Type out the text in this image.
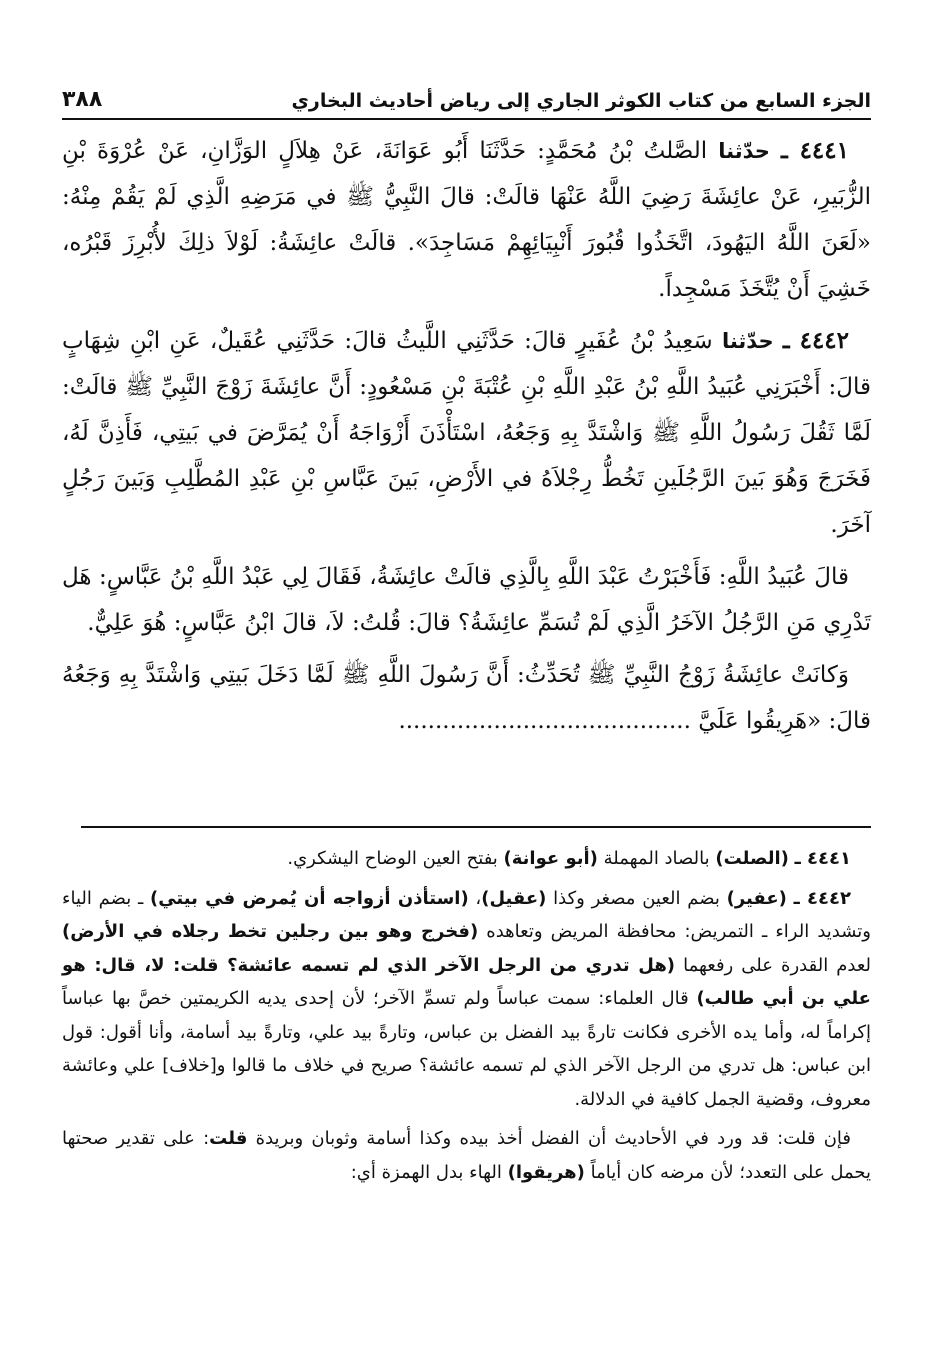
الجزء السابع من كتاب الكوثر الجاري إلى رياض أحاديث البخاري
٣٨٨

٤٤٤١ ـ حدّثنا الصَّلتُ بْنُ مُحَمَّدٍ: حَدَّثَنَا أَبُو عَوَانَةَ، عَنْ هِلاَلٍ الوَزَّانِ، عَنْ عُرْوَةَ بْنِ الزُّبَيرِ، عَنْ عائِشَةَ رَضِيَ اللَّهُ عَنْهَا قالَتْ: قالَ النَّبِيُّ ﷺ في مَرَضِهِ الَّذِي لَمْ يَقُمْ مِنْهُ: «لَعَنَ اللَّهُ اليَهُودَ، اتَّخَذُوا قُبُورَ أَنْبِيَائِهِمْ مَسَاجِدَ». قالَتْ عائِشَةُ: لَوْلاَ ذلِكَ لأُبْرِزَ قَبْرُه، خَشِيَ أَنْ يُتَّخَذَ مَسْجِداً.

٤٤٤٢ ـ حدّثنا سَعِيدُ بْنُ عُفَيرٍ قالَ: حَدَّثَنِي اللَّيثُ قالَ: حَدَّثَنِي عُقَيلٌ، عَنِ ابْنِ شِهَابٍ قالَ: أَخْبَرَنِي عُبَيدُ اللَّهِ بْنُ عَبْدِ اللَّهِ بْنِ عُتْبَةَ بْنِ مَسْعُودٍ: أَنَّ عائِشَةَ زَوْجَ النَّبِيِّ ﷺ قالَتْ: لَمَّا ثَقُلَ رَسُولُ اللَّهِ ﷺ وَاشْتَدَّ بِهِ وَجَعُهُ، اسْتَأْذَنَ أَزْوَاجَهُ أَنْ يُمَرَّضَ في بَيتِي، فَأَذِنَّ لَهُ، فَخَرَجَ وَهُوَ بَينَ الرَّجُلَينِ تَخُطُّ رِجْلاَهُ في الأَرْضِ، بَينَ عَبَّاسِ بْنِ عَبْدِ المُطَّلِبِ وَبَينَ رَجُلٍ آخَرَ.

قالَ عُبَيدُ اللَّهِ: فَأَخْبَرْتُ عَبْدَ اللَّهِ بِالَّذِي قالَتْ عائِشَةُ، فَقَالَ لِي عَبْدُ اللَّهِ بْنُ عَبَّاسٍ: هَل تَدْرِي مَنِ الرَّجُلُ الآخَرُ الَّذِي لَمْ تُسَمِّ عائِشَةُ؟ قالَ: قُلتُ: لاَ، قالَ ابْنُ عَبَّاسٍ: هُوَ عَلِيٌّ.

وَكانَتْ عائِشَةُ زَوْجُ النَّبِيِّ ﷺ تُحَدِّثُ: أَنَّ رَسُولَ اللَّهِ ﷺ لَمَّا دَخَلَ بَيتِي وَاشْتَدَّ بِهِ وَجَعُهُ قالَ: «هَرِيقُوا عَلَيَّ ........................................

٤٤٤١ ـ (الصلت) بالصاد المهملة (أبو عوانة) بفتح العين الوضاح اليشكري.

٤٤٤٢ ـ (عفير) بضم العين مصغر وكذا (عقيل)، (استأذن أزواجه أن يُمرض في بيتي) ـ بضم الياء وتشديد الراء ـ التمريض: محافظة المريض وتعاهده (فخرج وهو بين رجلين تخط رجلاه في الأرض) لعدم القدرة على رفعهما (هل تدري من الرجل الآخر الذي لم تسمه عائشة؟ قلت: لا، قال: هو علي بن أبي طالب) قال العلماء: سمت عباساً ولم تسمِّ الآخر؛ لأن إحدى يديه الكريمتين خصَّ بها عباساً إكراماً له، وأما يده الأخرى فكانت تارةً بيد الفضل بن عباس، وتارةً بيد علي، وتارةً بيد أسامة، وأنا أقول: قول ابن عباس: هل تدري من الرجل الآخر الذي لم تسمه عائشة؟ صريح في خلاف ما قالوا و[خلاف] علي وعائشة معروف، وقضية الجمل كافية في الدلالة.

فإن قلت: قد ورد في الأحاديث أن الفضل أخذ بيده وكذا أسامة وثوبان وبريدة قلت: على تقدير صحتها يحمل على التعدد؛ لأن مرضه كان أياماً (هريقوا) الهاء بدل الهمزة أي:
